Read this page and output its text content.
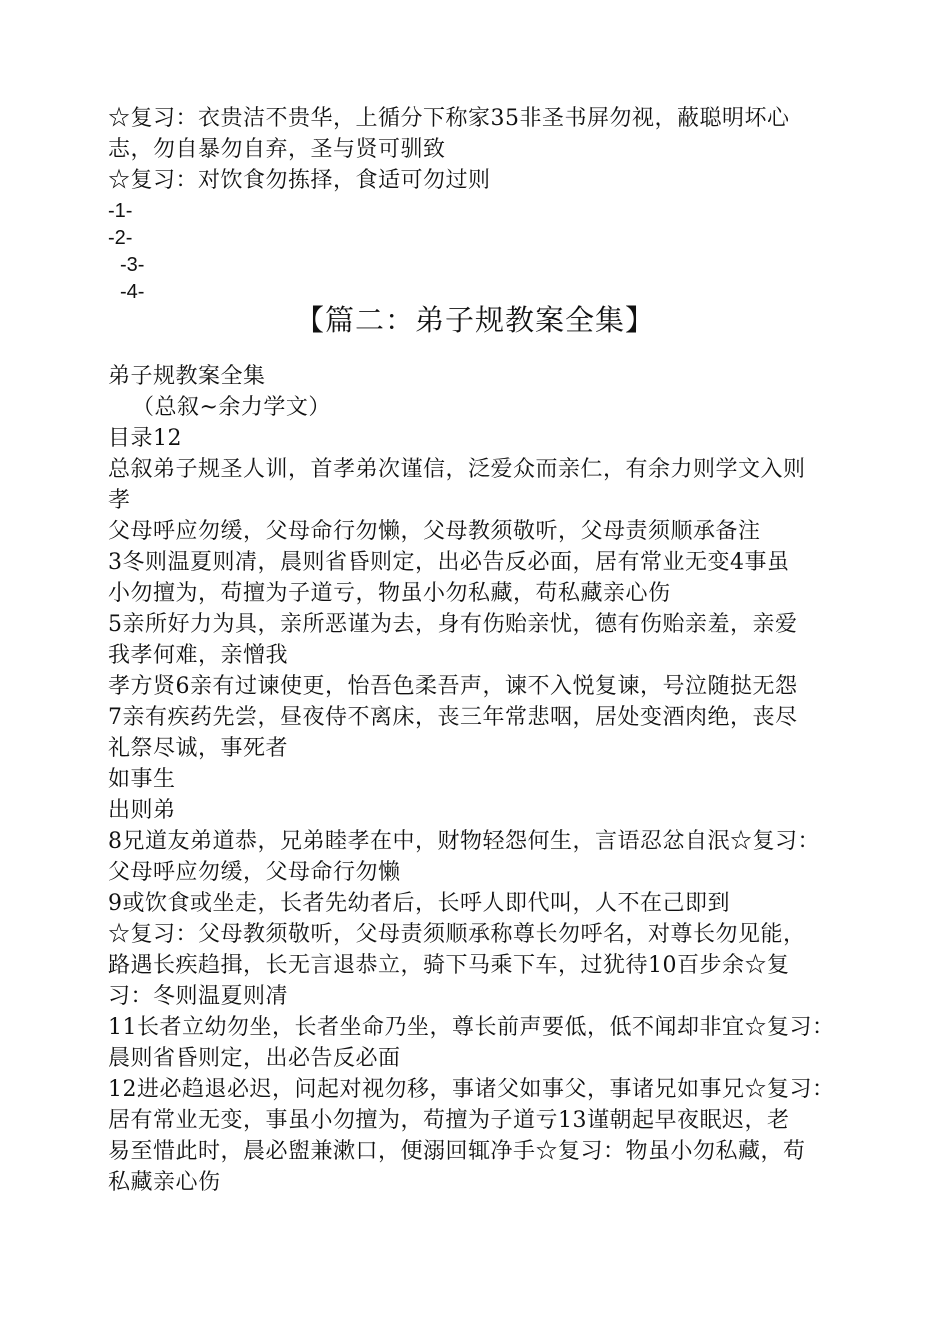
☆复习：衣贵洁不贵华，上循分下称家35非圣书屏勿视，蔽聪明坏心
志，勿自暴勿自弃，圣与贤可驯致
☆复习：对饮食勿拣择，食适可勿过则
-1-
-2-
-3-
-4-
【篇二：弟子规教案全集】
弟子规教案全集
（总叙~余力学文）
目录12
总叙弟子规圣人训，首孝弟次谨信，泛爱众而亲仁，有余力则学文入则
孝
父母呼应勿缓，父母命行勿懒，父母教须敬听，父母责须顺承备注
3冬则温夏则凊，晨则省昏则定，出必告反必面，居有常业无变4事虽
小勿擅为，苟擅为子道亏，物虽小勿私藏，苟私藏亲心伤
5亲所好力为具，亲所恶谨为去，身有伤贻亲忧，德有伤贻亲羞，亲爱
我孝何难，亲憎我
孝方贤6亲有过谏使更，怡吾色柔吾声，谏不入悦复谏，号泣随挞无怨
7亲有疾药先尝，昼夜侍不离床，丧三年常悲咽，居处变酒肉绝，丧尽
礼祭尽诚，事死者
如事生
出则弟
8兄道友弟道恭，兄弟睦孝在中，财物轻怨何生，言语忍忿自泯☆复习：
父母呼应勿缓，父母命行勿懒
9或饮食或坐走，长者先幼者后，长呼人即代叫，人不在己即到
☆复习：父母教须敬听，父母责须顺承称尊长勿呼名，对尊长勿见能，
路遇长疾趋揖，长无言退恭立，骑下马乘下车，过犹待10百步余☆复
习：冬则温夏则凊
11长者立幼勿坐，长者坐命乃坐，尊长前声要低，低不闻却非宜☆复习：
晨则省昏则定，出必告反必面
12进必趋退必迟，问起对视勿移，事诸父如事父，事诸兄如事兄☆复习：
居有常业无变，事虽小勿擅为，苟擅为子道亏13谨朝起早夜眠迟，老
易至惜此时，晨必盥兼漱口，便溺回辄净手☆复习：物虽小勿私藏，苟
私藏亲心伤
